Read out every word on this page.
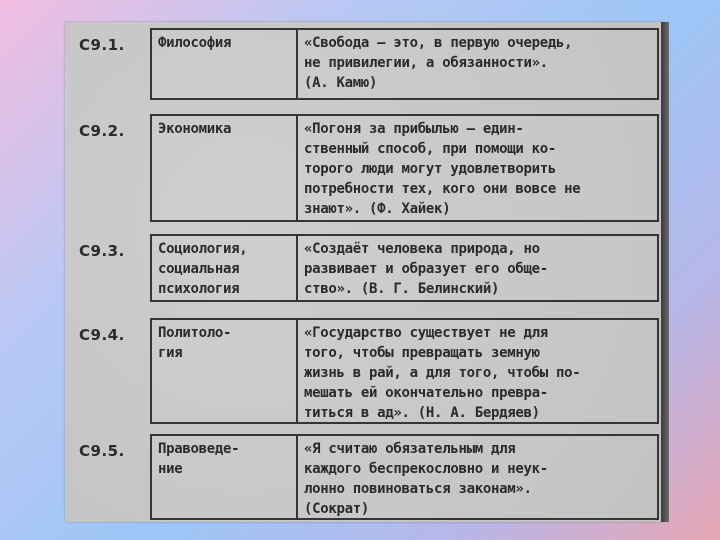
С9.1. Философия	«Свобода — это, в первую очередь,
не привилегии, а обязанности».
(А. Камю)
С9.2. Экономика	«Погоня за прибылью — един-
ственный способ, при помощи ко-
торого люди могут удовлетворить
потребности тех, кого они вовсе не
знают». (Ф. Хайек)
С9.3. Социология,
социальная
психология
«Создаёт человека природа, но
развивает и образует его обще-
ство». (В. Г. Белинский)
С9.4. Политоло-
гия
«Государство существует не для
того, чтобы превращать земную
жизнь в рай, а для того, чтобы по-
мешать ей окончательно превра-
титься в ад». (Н. А. Бердяев)
С9.5. Правоведе-
ние
«Я считаю обязательным для
каждого беспрекословно и неук-
лонно повиноваться законам».
(Сократ)
